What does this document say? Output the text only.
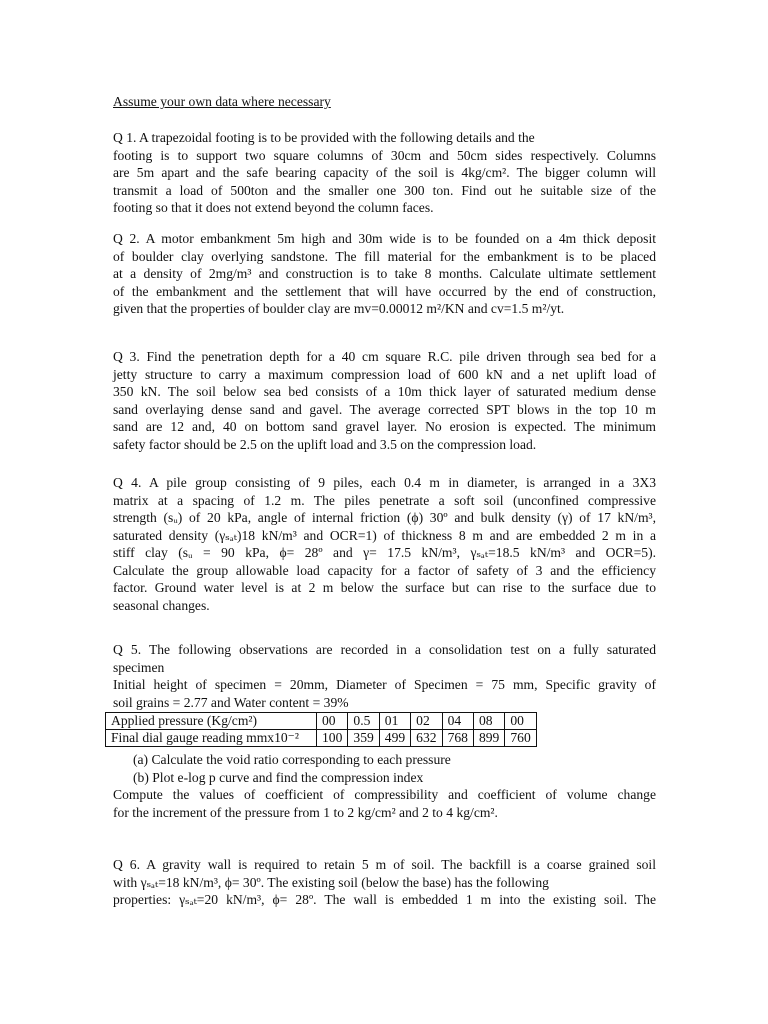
Assume your own data where necessary
Q 1. A trapezoidal footing is to be provided with the following details and the
footing is to support two square columns of 30cm and 50cm sides respectively. Columns
are 5m apart and the safe bearing capacity of the soil is 4kg/cm². The bigger column will
transmit a load of 500ton and the smaller one 300 ton. Find out he suitable size of the
footing so that it does not extend beyond the column faces.
Q 2. A motor embankment 5m high and 30m wide is to be founded on a 4m thick deposit
of boulder clay overlying sandstone. The fill material for the embankment is to be placed
at a density of 2mg/m³ and construction is to take 8 months. Calculate ultimate settlement
of the embankment and the settlement that will have occurred by the end of construction,
given that the properties of boulder clay are mv=0.00012 m²/KN and cv=1.5 m²/yt.
Q 3. Find the penetration depth for a 40 cm square R.C. pile driven through sea bed for a
jetty structure to carry a maximum compression load of 600 kN and a net uplift load of
350 kN. The soil below sea bed consists of a 10m thick layer of saturated medium dense
sand overlaying dense sand and gavel. The average corrected SPT blows in the top 10 m
sand are 12 and, 40 on bottom sand gravel layer. No erosion is expected. The minimum
safety factor should be 2.5 on the uplift load and 3.5 on the compression load.
Q 4. A pile group consisting of 9 piles, each 0.4 m in diameter, is arranged in a 3X3
matrix at a spacing of 1.2 m. The piles penetrate a soft soil (unconfined compressive
strength (sᵤ) of 20 kPa, angle of internal friction (ϕ) 30º and bulk density (γ) of 17 kN/m³,
saturated density (γₛₐₜ)18 kN/m³ and OCR=1) of thickness 8 m and are embedded 2 m in a
stiff clay (sᵤ = 90 kPa, ϕ= 28º and γ= 17.5 kN/m³, γₛₐₜ=18.5 kN/m³ and OCR=5).
Calculate the group allowable load capacity for a factor of safety of 3 and the efficiency
factor. Ground water level is at 2 m below the surface but can rise to the surface due to
seasonal changes.
Q 5. The following observations are recorded in a consolidation test on a fully saturated
specimen
Initial height of specimen = 20mm, Diameter of Specimen = 75 mm, Specific gravity of
soil grains = 2.77 and Water content = 39%
Applied pressure (Kg/cm²)	00	0.5	01	02	04	08	00
Final dial gauge reading mmx10⁻²	100	359	499	632	768	899	760
(a) Calculate the void ratio corresponding to each pressure
(b) Plot e-log p curve and find the compression index
Compute the values of coefficient of compressibility and coefficient of volume change
for the increment of the pressure from 1 to 2 kg/cm² and 2 to 4 kg/cm².
Q 6. A gravity wall is required to retain 5 m of soil. The backfill is a coarse grained soil
with γₛₐₜ=18 kN/m³, ϕ= 30º. The existing soil (below the base) has the following
properties: γₛₐₜ=20 kN/m³, ϕ= 28º. The wall is embedded 1 m into the existing soil. The
